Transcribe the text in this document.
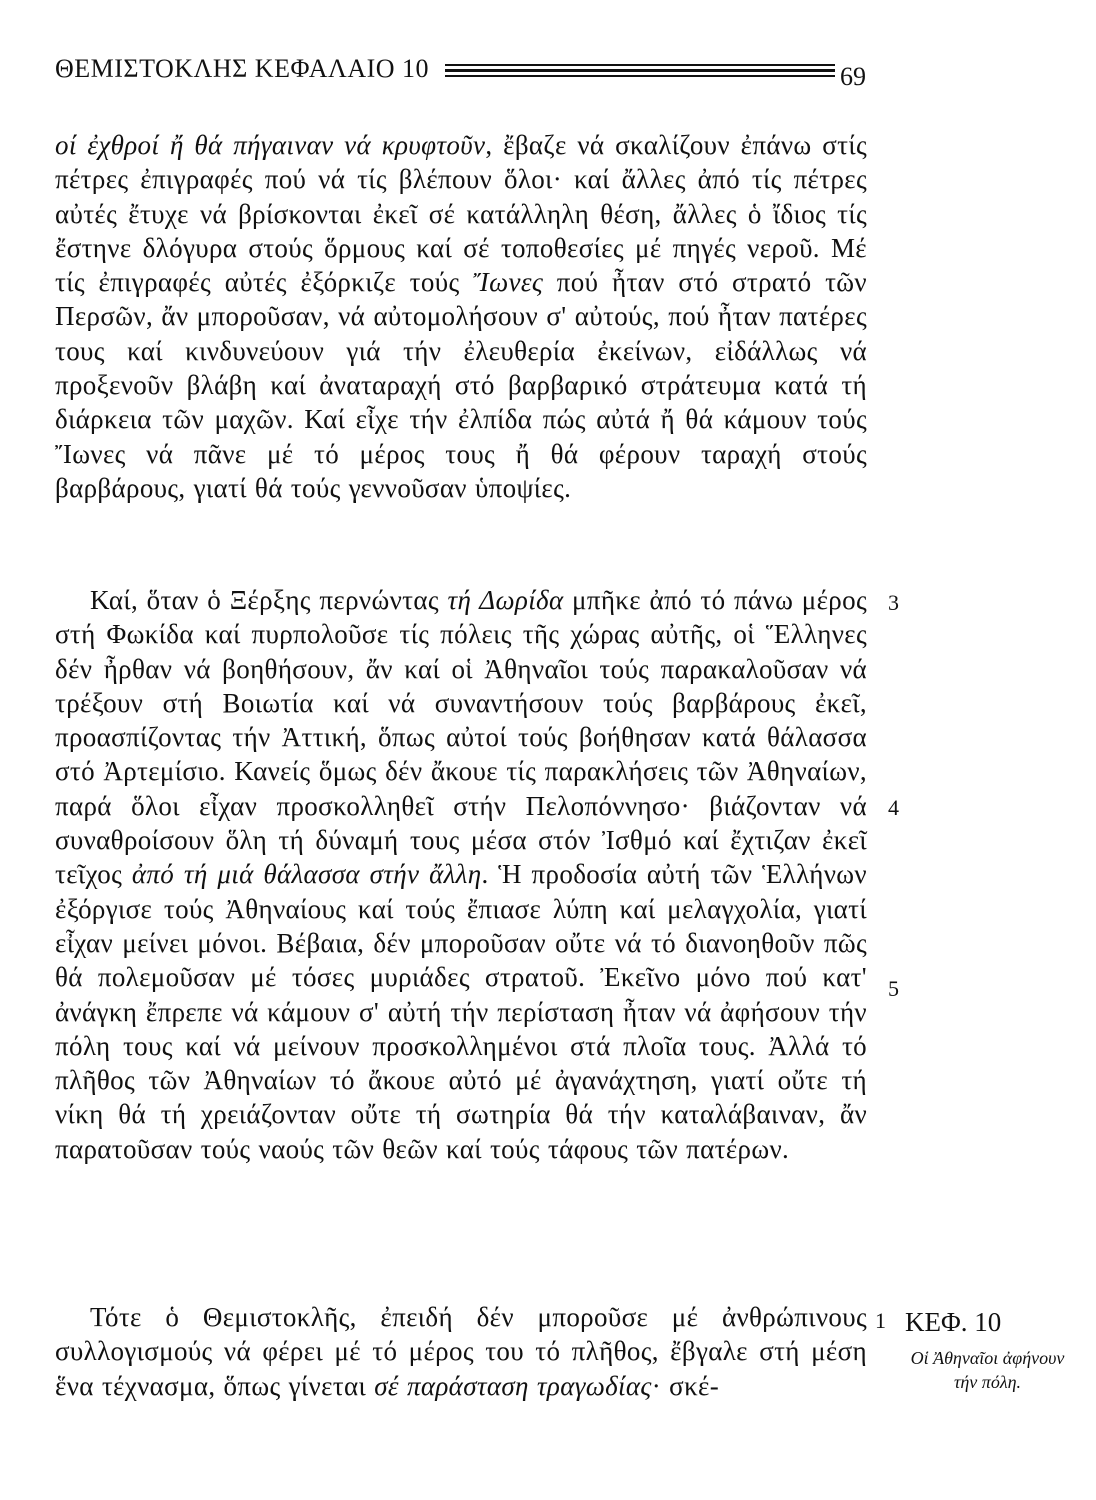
ΘΕΜΙΣΤΟΚΛΗΣ ΚΕΦΑΛΑΙΟ 10	69

οί ἐχθροί ἤ θά πήγαιναν νά κρυφτοῦν, ἔβαζε νά σκαλίζουν ἐπάνω στίς πέτρες ἐπιγραφές πού νά τίς βλέπουν ὅλοι· καί ἄλλες ἀπό τίς πέτρες αὐτές ἔτυχε νά βρίσκονται ἐκεῖ σέ κατάλληλη θέση, ἄλλες ὁ ἴδιος τίς ἔστηνε δλόγυρα στούς ὅρμους καί σέ τοποθεσίες μέ πηγές νεροῦ. Μέ τίς ἐπιγραφές αὐτές ἐξόρκιζε τούς Ἴωνες πού ἦταν στό στρατό τῶν Περσῶν, ἄν μποροῦσαν, νά αὐτομολήσουν σ' αὐτούς, πού ἦταν πατέρες τους καί κινδυνεύουν γιά τήν ἐλευθερία ἐκείνων, εἰδάλλως νά προξενοῦν βλάβη καί ἀναταραχή στό βαρβαρικό στράτευμα κατά τή διάρκεια τῶν μαχῶν. Καί εἶχε τήν ἐλπίδα πώς αὐτά ἤ θά κάμουν τούς Ἴωνες νά πᾶνε μέ τό μέρος τους ἤ θά φέρουν ταραχή στούς βαρβάρους, γιατί θά τούς γεννοῦσαν ὑποψίες.

Καί, ὅταν ὁ Ξέρξης περνώντας τή Δωρίδα μπῆκε ἀπό τό πάνω μέρος στή Φωκίδα καί πυρπολοῦσε τίς πόλεις τῆς χώρας αὐτῆς, οἱ Ἕλληνες δέν ἦρθαν νά βοηθήσουν, ἄν καί οἱ Ἀθηναῖοι τούς παρακαλοῦσαν νά τρέξουν στή Βοιωτία καί νά συναντήσουν τούς βαρβάρους ἐκεῖ, προασπίζοντας τήν Ἀττική, ὅπως αὐτοί τούς βοήθησαν κατά θάλασσα στό Ἀρτεμίσιο. Κανείς ὅμως δέν ἄκουε τίς παρακλήσεις τῶν Ἀθηναίων, παρά ὅλοι εἶχαν προσκολληθεῖ στήν Πελοπόννησο· βιάζονταν νά συναθροίσουν ὅλη τή δύναμή τους μέσα στόν Ἰσθμό καί ἔχτιζαν ἐκεῖ τεῖχος ἀπό τή μιά θάλασσα στήν ἄλλη. Ἡ προδοσία αὐτή τῶν Ἑλλήνων ἐξόργισε τούς Ἀθηναίους καί τούς ἔπιασε λύπη καί μελαγχολία, γιατί εἶχαν μείνει μόνοι. Βέβαια, δέν μποροῦσαν οὔτε νά τό διανοηθοῦν πῶς θά πολεμοῦσαν μέ τόσες μυριάδες στρατοῦ. Ἐκεῖνο μόνο πού κατ' ἀνάγκη ἔπρεπε νά κάμουν σ' αὐτή τήν περίσταση ἦταν νά ἀφήσουν τήν πόλη τους καί νά μείνουν προσκολλημένοι στά πλοῖα τους. Ἀλλά τό πλῆθος τῶν Ἀθηναίων τό ἄκουε αὐτό μέ ἀγανάχτηση, γιατί οὔτε τή νίκη θά τή χρειάζονταν οὔτε τή σωτηρία θά τήν καταλάβαιναν, ἄν παρατοῦσαν τούς ναούς τῶν θεῶν καί τούς τάφους τῶν πατέρων.

Τότε ὁ Θεμιστοκλῆς, ἐπειδή δέν μποροῦσε μέ ἀνθρώπινους συλλογισμούς νά φέρει μέ τό μέρος του τό πλῆθος, ἔβγαλε στή μέση ἕνα τέχνασμα, ὅπως γίνεται σέ παράσταση τραγωδίας· σκέ-

3
4
5
1 ΚΕΦ. 10
Οἱ Ἀθηναῖοι ἀφήνουν τήν πόλη.
